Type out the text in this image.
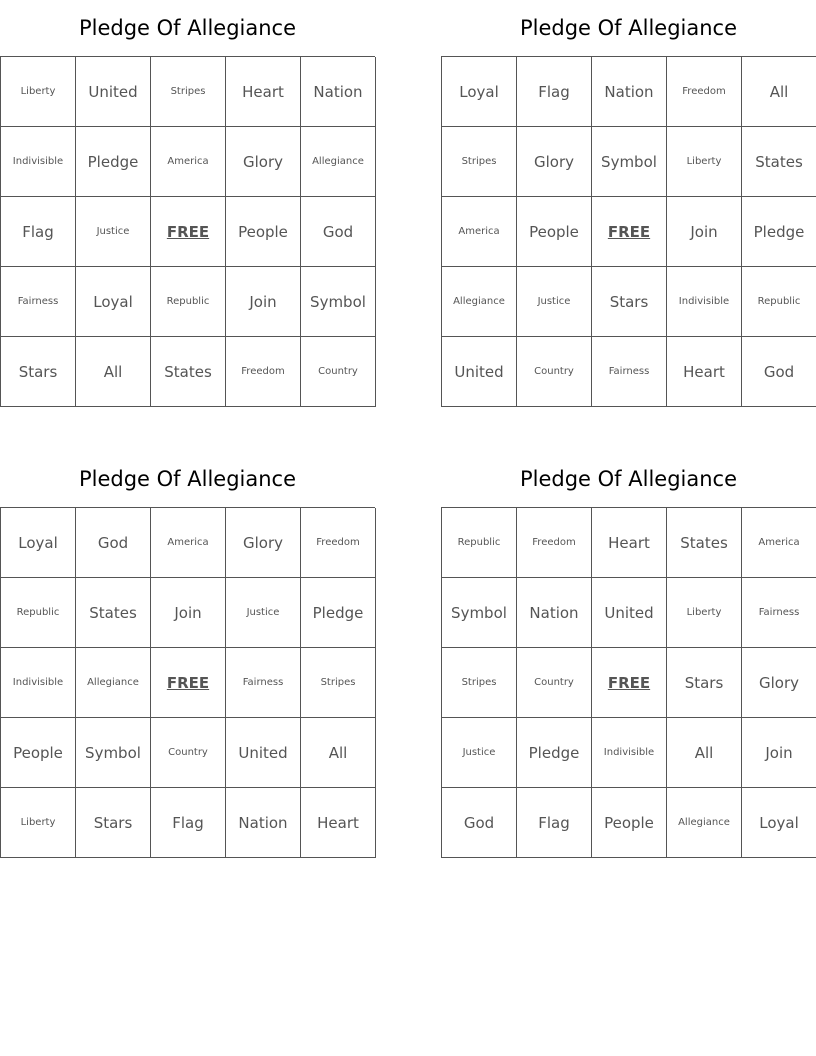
Pledge Of Allegiance
Liberty	United	Stripes	Heart	Nation
Indivisible	Pledge	America	Glory	Allegiance
Flag	Justice	FREE	People	God
Fairness	Loyal	Republic	Join	Symbol
Stars	All	States	Freedom	Country
Pledge Of Allegiance
Loyal	Flag	Nation	Freedom	All
Stripes	Glory	Symbol	Liberty	States
America	People	FREE	Join	Pledge
Allegiance	Justice	Stars	Indivisible	Republic
United	Country	Fairness	Heart	God
Pledge Of Allegiance
Loyal	God	America	Glory	Freedom
Republic	States	Join	Justice	Pledge
Indivisible	Allegiance	FREE	Fairness	Stripes
People	Symbol	Country	United	All
Liberty	Stars	Flag	Nation	Heart
Pledge Of Allegiance
Republic	Freedom	Heart	States	America
Symbol	Nation	United	Liberty	Fairness
Stripes	Country	FREE	Stars	Glory
Justice	Pledge	Indivisible	All	Join
God	Flag	People	Allegiance	Loyal
